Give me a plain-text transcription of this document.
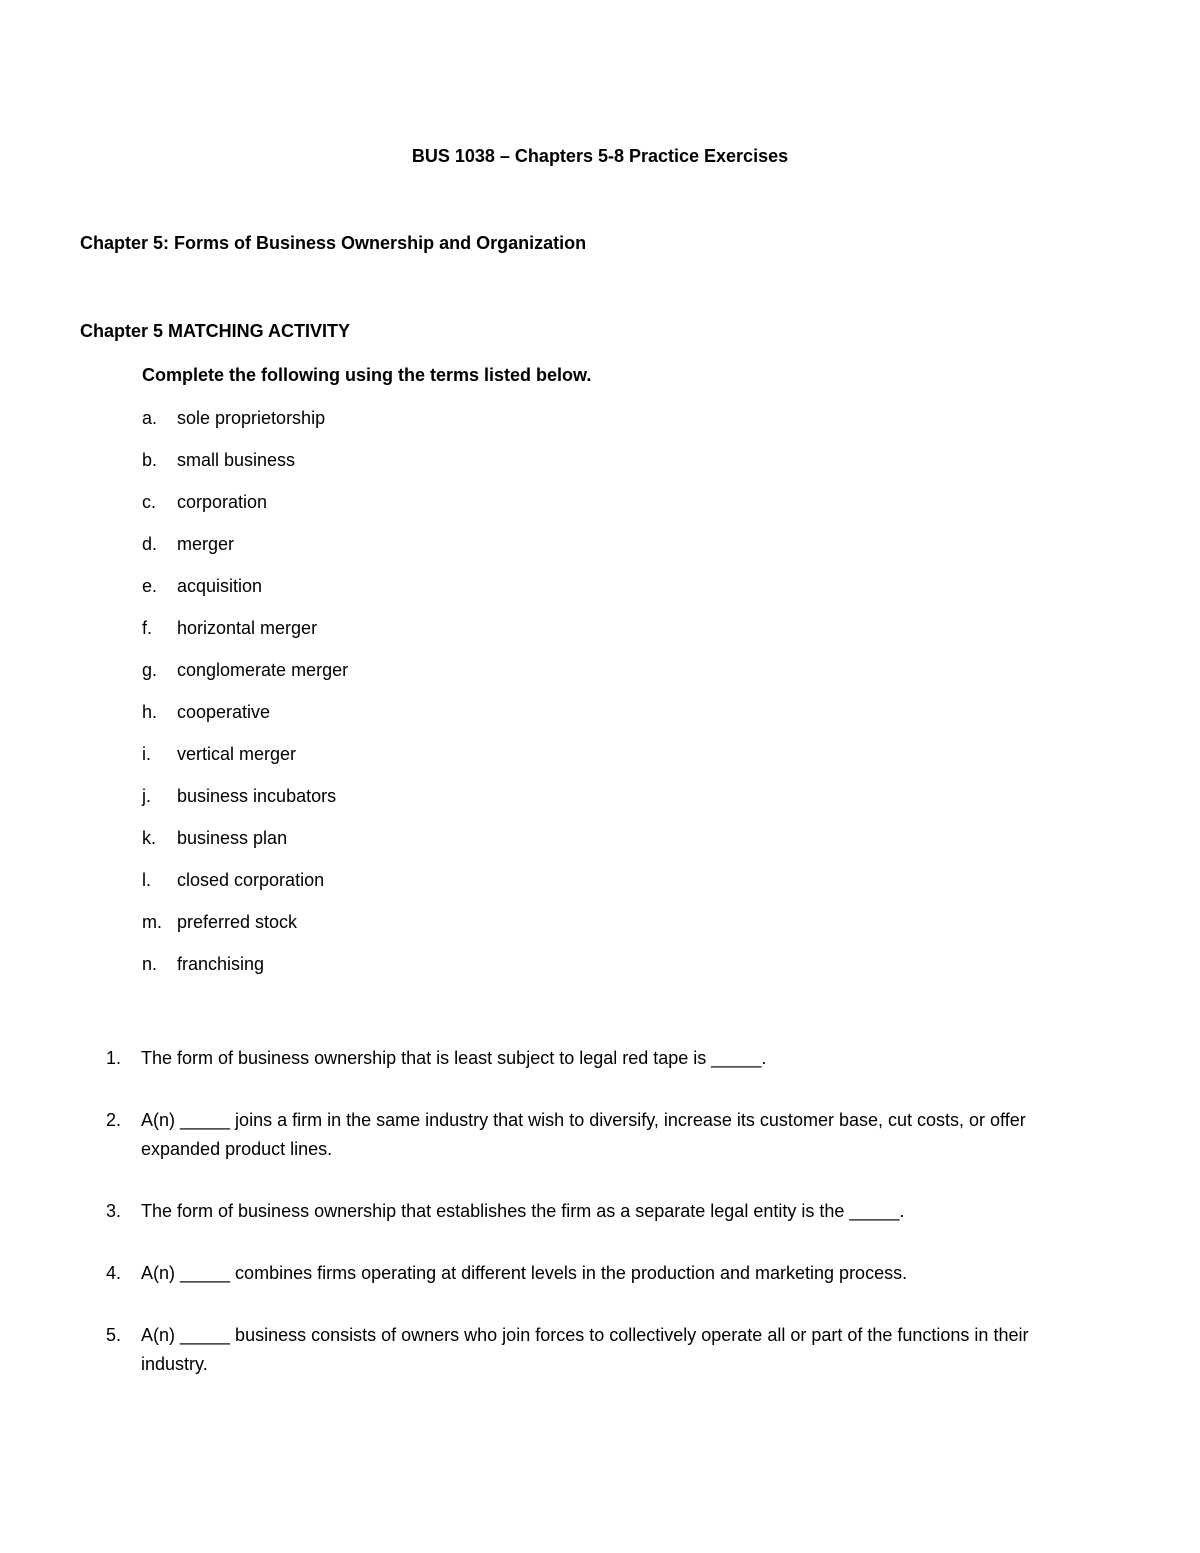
BUS 1038 – Chapters 5-8 Practice Exercises
Chapter 5: Forms of Business Ownership and Organization
Chapter 5 MATCHING ACTIVITY
Complete the following using the terms listed below.
a.	sole proprietorship
b.	small business
c.	corporation
d.	merger
e.	acquisition
f.	horizontal merger
g.	conglomerate merger
h.	cooperative
i.	vertical merger
j.	business incubators
k.	business plan
l.	closed corporation
m. preferred stock
n.	franchising
1.	The form of business ownership that is least subject to legal red tape is _____.
2.	A(n) _____ joins a firm in the same industry that wish to diversify, increase its customer base, cut costs, or offer expanded product lines.
3.	The form of business ownership that establishes the firm as a separate legal entity is the _____.
4.	A(n) _____ combines firms operating at different levels in the production and marketing process.
5.	A(n) _____ business consists of owners who join forces to collectively operate all or part of the functions in their industry.
